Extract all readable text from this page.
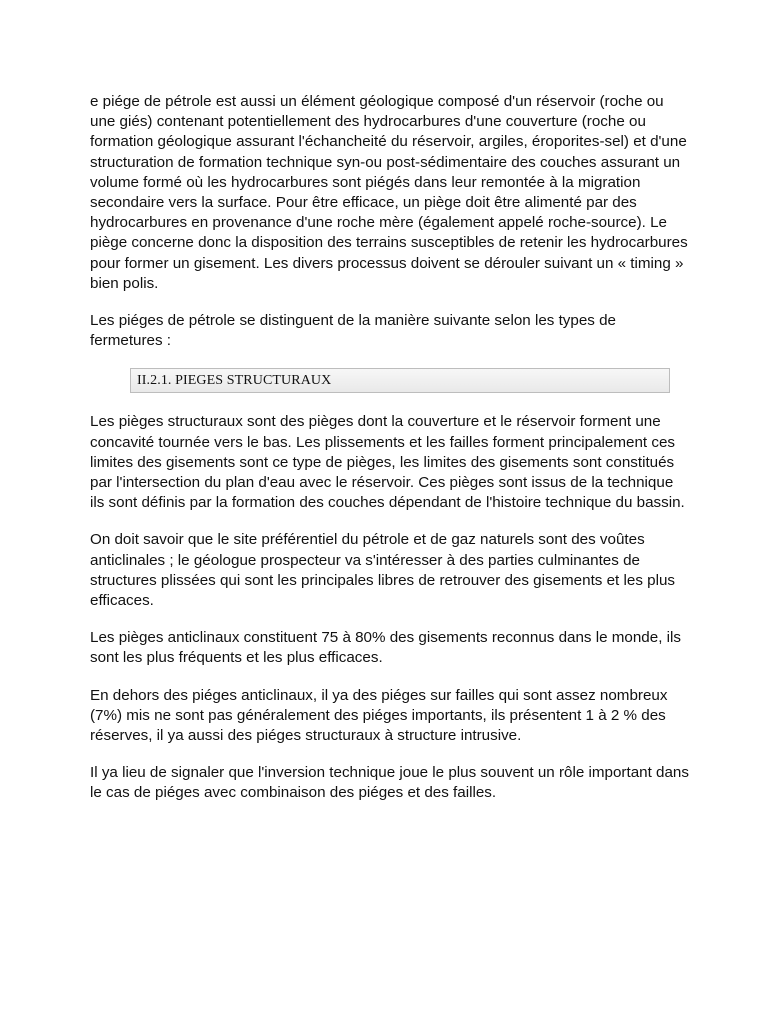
e piége de pétrole est aussi un élément géologique composé d'un réservoir (roche ou une giés) contenant potentiellement des hydrocarbures d'une couverture (roche ou formation géologique assurant l'échancheité du réservoir, argiles, éroporites-sel) et d'une structuration de formation technique syn-ou post-sédimentaire des couches assurant un volume formé où les hydrocarbures sont piégés dans leur remontée à la migration secondaire vers la surface. Pour être efficace, un piège doit être alimenté par des hydrocarbures en provenance d'une roche mère (également appelé roche-source). Le piège concerne donc la disposition des terrains susceptibles de retenir les hydrocarbures pour former un gisement. Les divers processus doivent se dérouler suivant un « timing » bien polis.

Les piéges de pétrole se distinguent de la manière suivante selon les types de fermetures :

II.2.1. PIEGES STRUCTURAUX

Les pièges structuraux sont des pièges dont la couverture et le réservoir forment une concavité tournée vers le bas. Les plissements et les failles forment principalement ces limites des gisements sont ce type de pièges, les limites des gisements sont constitués par l'intersection du plan d'eau avec le réservoir. Ces pièges sont issus de la technique ils sont définis par la formation des couches dépendant de l'histoire technique du bassin.

On doit savoir que le site préférentiel du pétrole et de gaz naturels sont des voûtes anticlinales ; le géologue prospecteur va s'intéresser à des parties culminantes de structures plissées qui sont les principales libres de retrouver des gisements et les plus efficaces.

Les pièges anticlinaux constituent 75 à 80% des gisements reconnus dans le monde, ils sont les plus fréquents et les plus efficaces.

En dehors des piéges anticlinaux, il ya des piéges sur failles qui sont assez nombreux (7%) mis ne sont pas généralement des piéges importants, ils présentent 1 à 2 % des réserves, il ya aussi des piéges structuraux à structure intrusive.

Il ya lieu de signaler que l'inversion technique joue le plus souvent un rôle important dans le cas de piéges avec combinaison des piéges et des failles.
